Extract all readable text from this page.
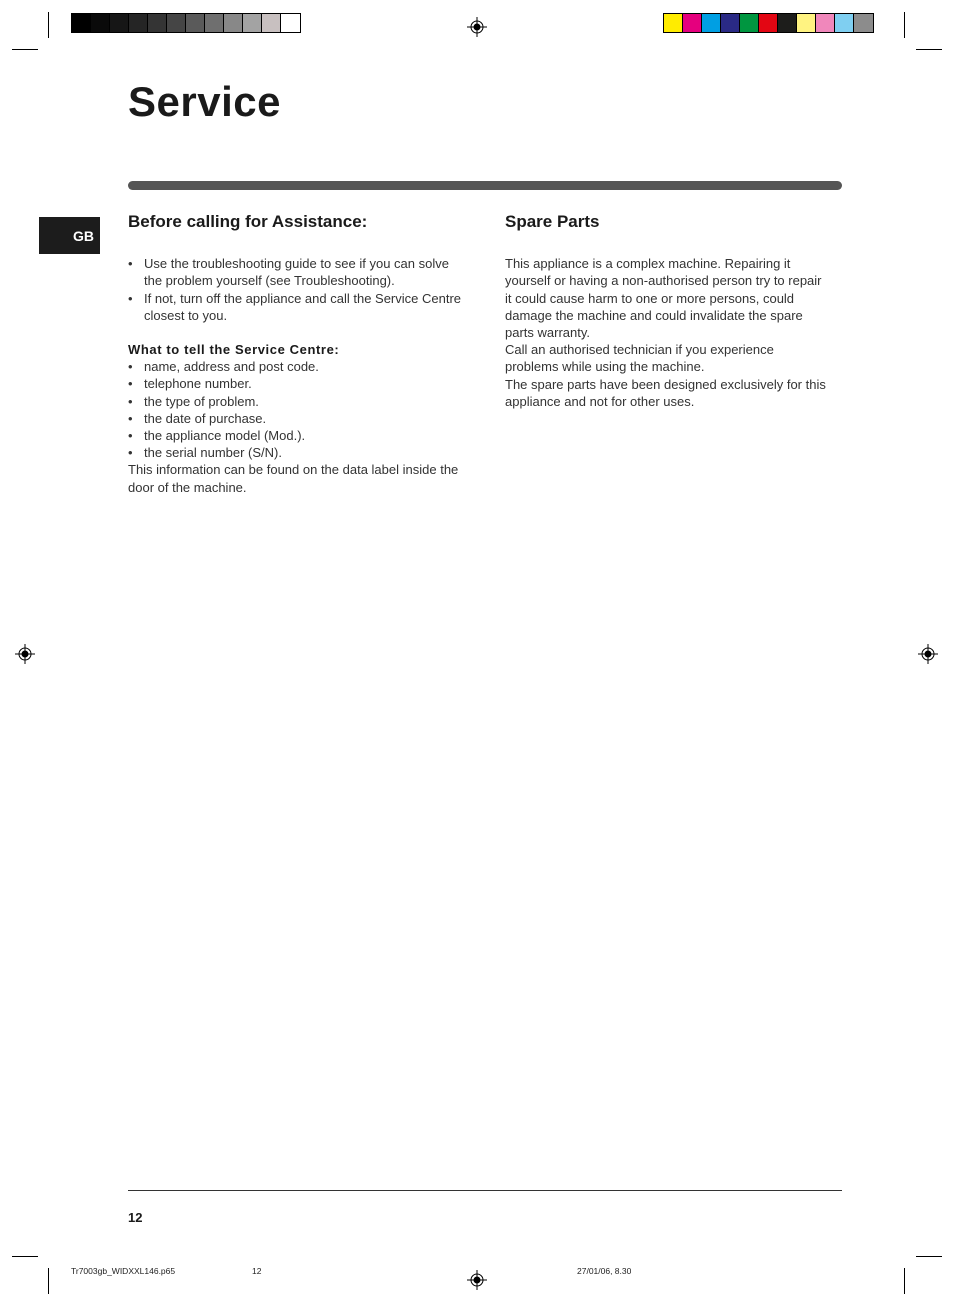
Service
GB
Before calling for Assistance:
• Use the troubleshooting guide to see if you can solve the problem yourself (see Troubleshooting).
• If not, turn off the appliance and call the Service Centre closest to you.

What to tell the Service Centre:

• name, address and post code.
• telephone number.
• the type of problem.
• the date of purchase.
• the appliance model (Mod.).
• the serial number (S/N).

This information can be found on the data label inside the door of the machine.

Spare Parts

This appliance is a complex machine. Repairing it yourself or having a non-authorised person try to repair it could cause harm to one or more persons, could damage the machine and could invalidate the spare parts warranty.

Call an authorised technician if you experience problems while using the machine.

The spare parts have been designed exclusively for this appliance and not for other uses.

12
Tr7003gb_WIDXXL146.p65	12	27/01/06, 8.30
